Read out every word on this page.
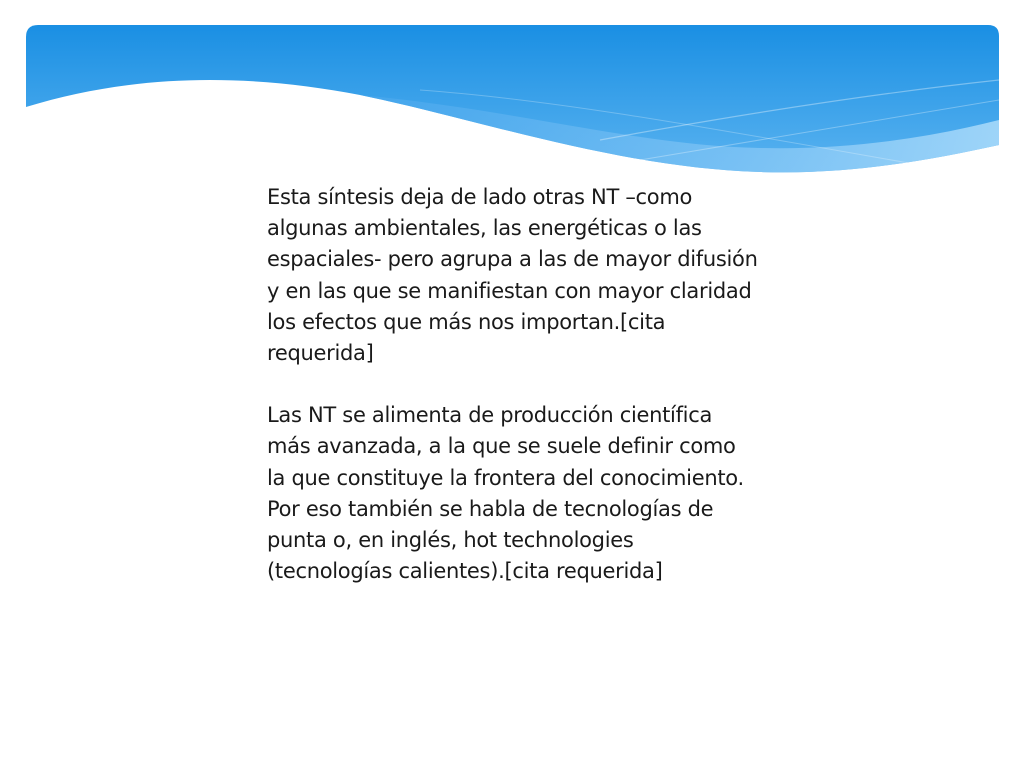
Esta síntesis deja de lado otras NT –como algunas ambientales, las energéticas o las espaciales- pero agrupa a las de mayor difusión y en las que se manifiestan con mayor claridad los efectos que más nos importan.[cita requerida]

Las NT se alimenta de producción científica más avanzada, a la que se suele definir como la que constituye la frontera del conocimiento. Por eso también se habla de tecnologías de punta o, en inglés, hot technologies (tecnologías calientes).[cita requerida]
